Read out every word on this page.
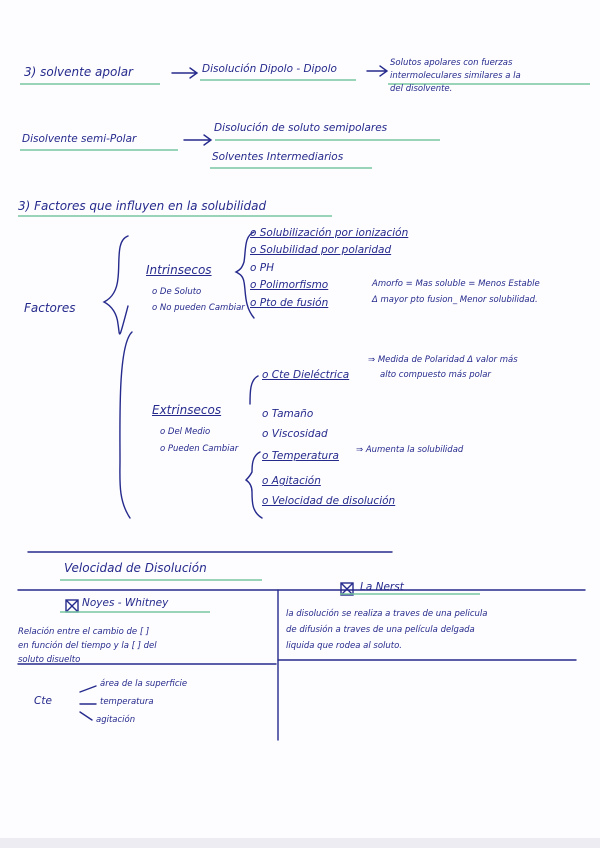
3) solvente apolar	Disolución Dipolo - Dipolo	Solutos apolares con fuerzas
intermoleculares similares a la
del disolvente.
Disolvente semi-Polar
Disolución de soluto semipolares
Solventes Intermediarios
3) Factores que influyen en la solubilidad
Factores
Intrinsecos
o De Soluto
o No pueden Cambiar
o Solubilización por ionización
o Solubilidad por polaridad
o PH
o Polimorfismo
o Pto de fusión
Amorfo = Mas soluble = Menos Estable
Δ mayor pto fusion_ Menor solubilidad.
Extrinsecos
o Del Medio
o Pueden Cambiar
o Cte Dieléctrica
⇒ Medida de Polaridad Δ valor más
alto compuesto más polar
o Tamaño
o Viscosidad
o Temperatura ⇒ Aumenta la solubilidad
o Agitación
o Velocidad de disolución
Velocidad de Disolución
Noyes - Whitney
Relación entre el cambio de [ ]
en función del tiempo y la [ ] del
soluto disuelto
Cte
área de la superficie
temperatura
agitación
La Nerst
la disolución se realiza a traves de una pelicula
de difusión a traves de una película delgada
liquida que rodea al soluto.
